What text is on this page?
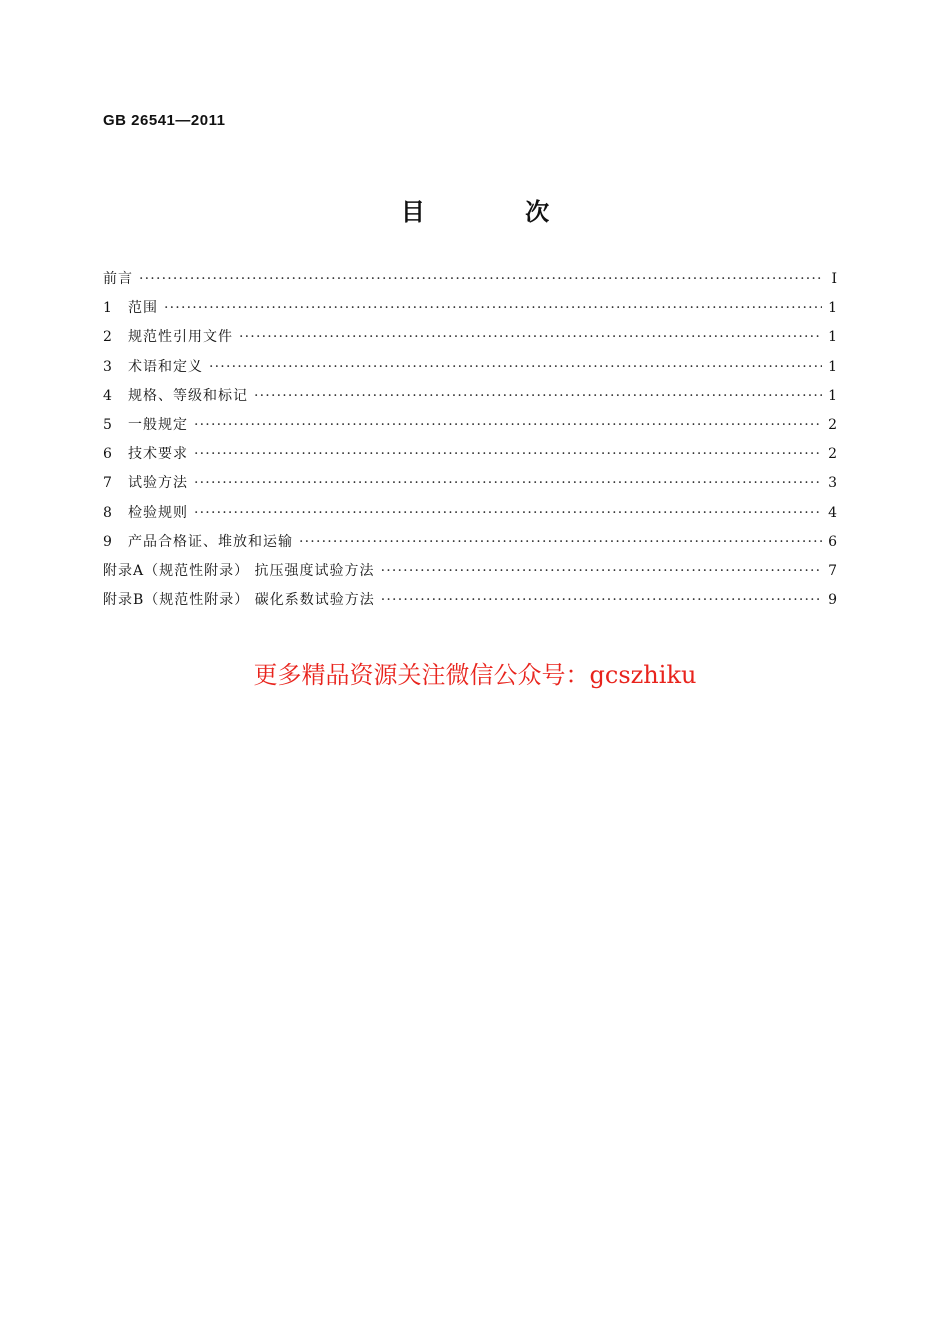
GB 26541—2011
目 次
前言 ·····	I
1	范围 ·····	1
2	规范性引用文件 ·····	1
3	术语和定义 ·····	1
4	规格、等级和标记 ·····	1
5	一般规定 ·····	2
6	技术要求 ·····	2
7	试验方法 ·····	3
8	检验规则 ·····	4
9	产品合格证、堆放和运输 ·····	6
附录A（规范性附录） 抗压强度试验方法 ·····	7
附录B（规范性附录） 碳化系数试验方法 ·····	9
更多精品资源关注微信公众号：gcszhiku
